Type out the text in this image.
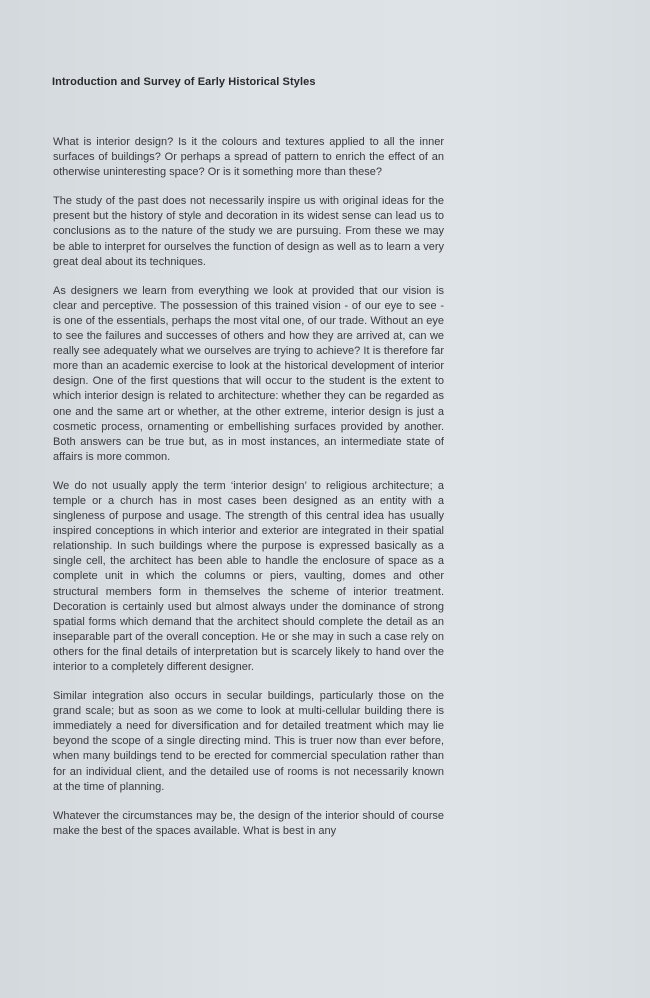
Introduction and Survey of Early Historical Styles

What is interior design? Is it the colours and textures applied to all the inner surfaces of buildings? Or perhaps a spread of pattern to enrich the effect of an otherwise uninteresting space? Or is it something more than these?

The study of the past does not necessarily inspire us with original ideas for the present but the history of style and decoration in its widest sense can lead us to conclusions as to the nature of the study we are pursuing. From these we may be able to interpret for ourselves the function of design as well as to learn a very great deal about its techniques.

As designers we learn from everything we look at provided that our vision is clear and perceptive. The possession of this trained vision - of our eye to see - is one of the essentials, perhaps the most vital one, of our trade. Without an eye to see the failures and successes of others and how they are arrived at, can we really see adequately what we ourselves are trying to achieve? It is therefore far more than an academic exercise to look at the historical development of interior design. One of the first questions that will occur to the student is the extent to which interior design is related to architecture: whether they can be regarded as one and the same art or whether, at the other extreme, interior design is just a cosmetic process, ornamenting or embellishing surfaces provided by another. Both answers can be true but, as in most instances, an intermediate state of affairs is more common.

We do not usually apply the term ‘interior design’ to religious architecture; a temple or a church has in most cases been designed as an entity with a singleness of purpose and usage. The strength of this central idea has usually inspired conceptions in which interior and exterior are integrated in their spatial relationship. In such buildings where the purpose is expressed basically as a single cell, the architect has been able to handle the enclosure of space as a complete unit in which the columns or piers, vaulting, domes and other structural members form in themselves the scheme of interior treatment. Decoration is certainly used but almost always under the dominance of strong spatial forms which demand that the architect should complete the detail as an inseparable part of the overall conception. He or she may in such a case rely on others for the final details of interpretation but is scarcely likely to hand over the interior to a completely different designer.

Similar integration also occurs in secular buildings, particularly those on the grand scale; but as soon as we come to look at multi-cellular building there is immediately a need for diversification and for detailed treatment which may lie beyond the scope of a single directing mind. This is truer now than ever before, when many buildings tend to be erected for commercial speculation rather than for an individual client, and the detailed use of rooms is not necessarily known at the time of planning.

Whatever the circumstances may be, the design of the interior should of course make the best of the spaces available. What is best in any
